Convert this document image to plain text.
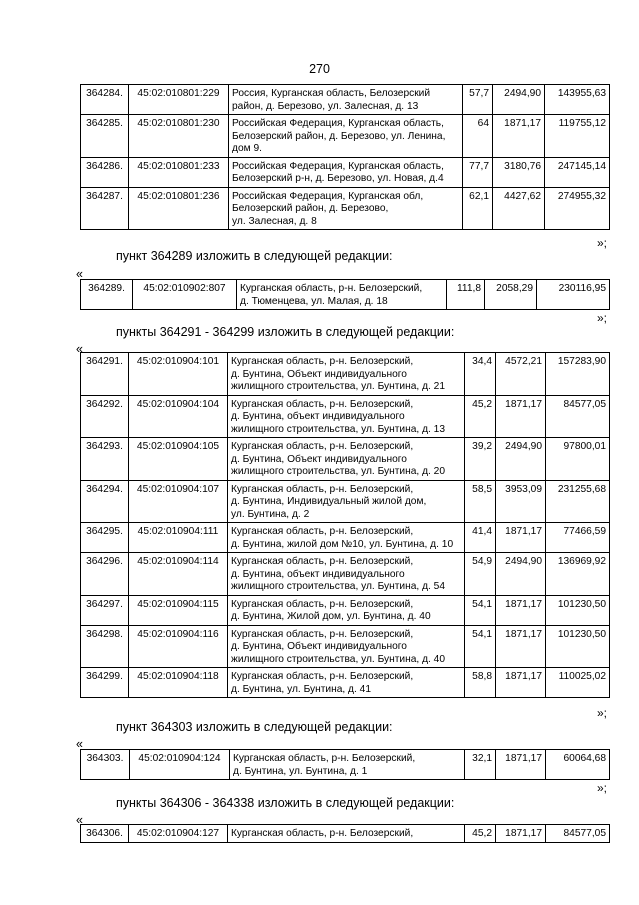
270
364284.	45:02:010801:229	Россия, Курганская область, Белозерский
район, д. Березово, ул. Залесная, д. 13	57,7	2494,90	143955,63
364285.	45:02:010801:230	Российская Федерация, Курганская область,
Белозерский район, д. Березово, ул. Ленина,
дом 9.	64	1871,17	119755,12
364286.	45:02:010801:233	Российская Федерация, Курганская область,
Белозерский р-н, д. Березово, ул. Новая, д.4	77,7	3180,76	247145,14
364287.	45:02:010801:236	Российская Федерация, Курганская обл,
Белозерский район, д. Березово,
ул. Залесная, д. 8	62,1	4427,62	274955,32
»;
пункт 364289 изложить в следующей редакции:
«
364289.	45:02:010902:807	Курганская область, р-н. Белозерский,
д. Тюменцева, ул. Малая, д. 18	111,8	2058,29	230116,95
»;
пункты 364291 - 364299 изложить в следующей редакции:
«
364291.	45:02:010904:101	Курганская область, р-н. Белозерский,
д. Бунтина, Объект индивидуального
жилищного строительства, ул. Бунтина, д. 21	34,4	4572,21	157283,90
364292.	45:02:010904:104	Курганская область, р-н. Белозерский,
д. Бунтина, объект индивидуального
жилищного строительства, ул. Бунтина, д. 13	45,2	1871,17	84577,05
364293.	45:02:010904:105	Курганская область, р-н. Белозерский,
д. Бунтина, Объект индивидуального
жилищного строительства, ул. Бунтина, д. 20	39,2	2494,90	97800,01
364294.	45:02:010904:107	Курганская область, р-н. Белозерский,
д. Бунтина, Индивидуальный жилой дом,
ул. Бунтина, д. 2	58,5	3953,09	231255,68
364295.	45:02:010904:111	Курганская область, р-н. Белозерский,
д. Бунтина, жилой дом №10, ул. Бунтина, д. 10	41,4	1871,17	77466,59
364296.	45:02:010904:114	Курганская область, р-н. Белозерский,
д. Бунтина, объект индивидуального
жилищного строительства, ул. Бунтина, д. 54	54,9	2494,90	136969,92
364297.	45:02:010904:115	Курганская область, р-н. Белозерский,
д. Бунтина, Жилой дом, ул. Бунтина, д. 40	54,1	1871,17	101230,50
364298.	45:02:010904:116	Курганская область, р-н. Белозерский,
д. Бунтина, Объект индивидуального
жилищного строительства, ул. Бунтина, д. 40	54,1	1871,17	101230,50
364299.	45:02:010904:118	Курганская область, р-н. Белозерский,
д. Бунтина, ул. Бунтина, д. 41	58,8	1871,17	110025,02
»;
пункт 364303 изложить в следующей редакции:
«
364303.	45:02:010904:124	Курганская область, р-н. Белозерский,
д. Бунтина, ул. Бунтина, д. 1	32,1	1871,17	60064,68
»;
пункты 364306 - 364338 изложить в следующей редакции:
«
364306.	45:02:010904:127	Курганская область, р-н. Белозерский,	45,2	1871,17	84577,05
